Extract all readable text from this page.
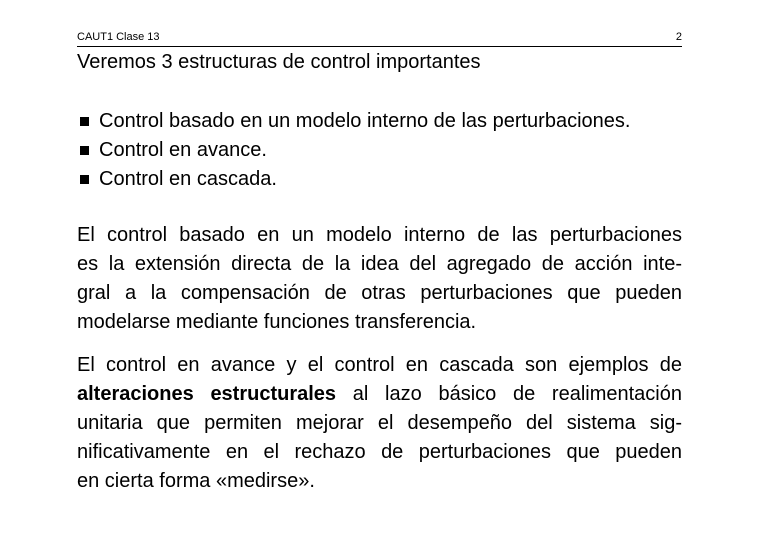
CAUT1 Clase 13	2
Veremos 3 estructuras de control importantes
Control basado en un modelo interno de las perturbaciones.
Control en avance.
Control en cascada.

El control basado en un modelo interno de las perturbaciones
es la extensión directa de la idea del agregado de acción inte-
gral a la compensación de otras perturbaciones que pueden
modelarse mediante funciones transferencia.

El control en avance y el control en cascada son ejemplos de
alteraciones estructurales al lazo básico de realimentación
unitaria que permiten mejorar el desempeño del sistema sig-
nificativamente en el rechazo de perturbaciones que pueden
en cierta forma «medirse».
